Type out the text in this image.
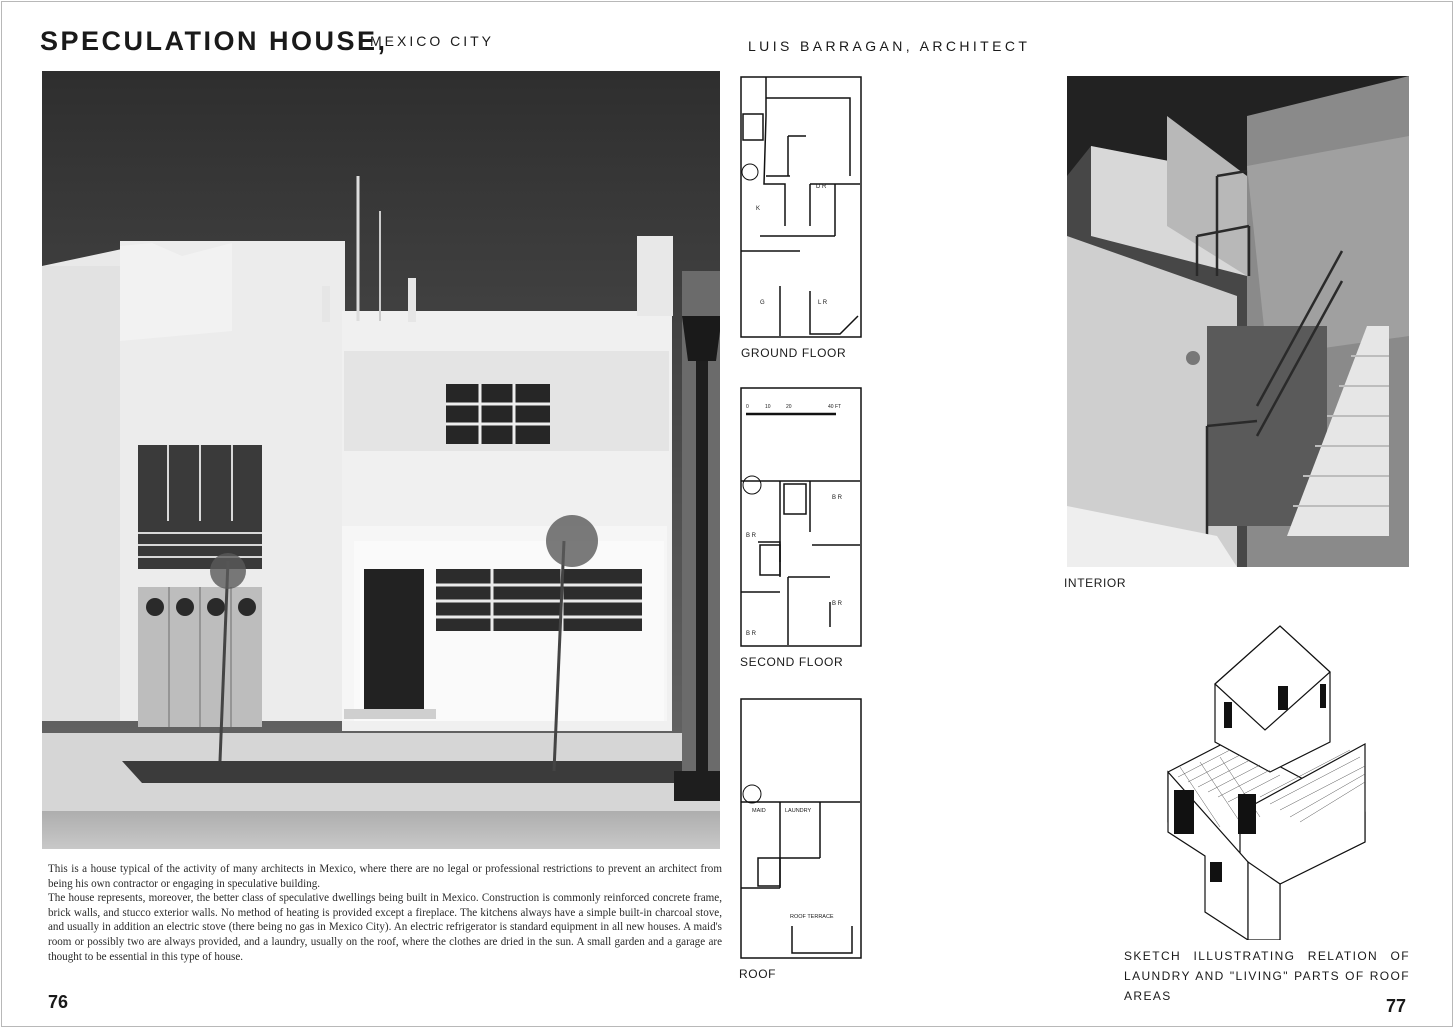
SPECULATION HOUSE,
MEXICO CITY	LUIS BARRAGAN, ARCHITECT
D R
K
G	L R
GROUND FLOOR
0	10	20	40 FT
B R
B R
B R
B R
SECOND FLOOR
MAID	LAUNDRY
ROOF TERRACE
ROOF
INTERIOR
SKETCH ILLUSTRATING RELATION OF LAUNDRY AND "LIVING" PARTS OF ROOF AREAS

This is a house typical of the activity of many architects in Mexico, where there are no legal or professional restrictions to prevent an architect from being his own contractor or engaging in speculative building.

The house represents, moreover, the better class of speculative dwellings being built in Mexico. Construction is commonly reinforced concrete frame, brick walls, and stucco exterior walls. No method of heating is provided except a fireplace. The kitchens always have a simple built-in charcoal stove, and usually in addition an electric stove (there being no gas in Mexico City). An electric refrigerator is standard equipment in all new houses. A maid's room or possibly two are always provided, and a laundry, usually on the roof, where the clothes are dried in the sun. A small garden and a garage are thought to be essential in this type of house.

76	77
